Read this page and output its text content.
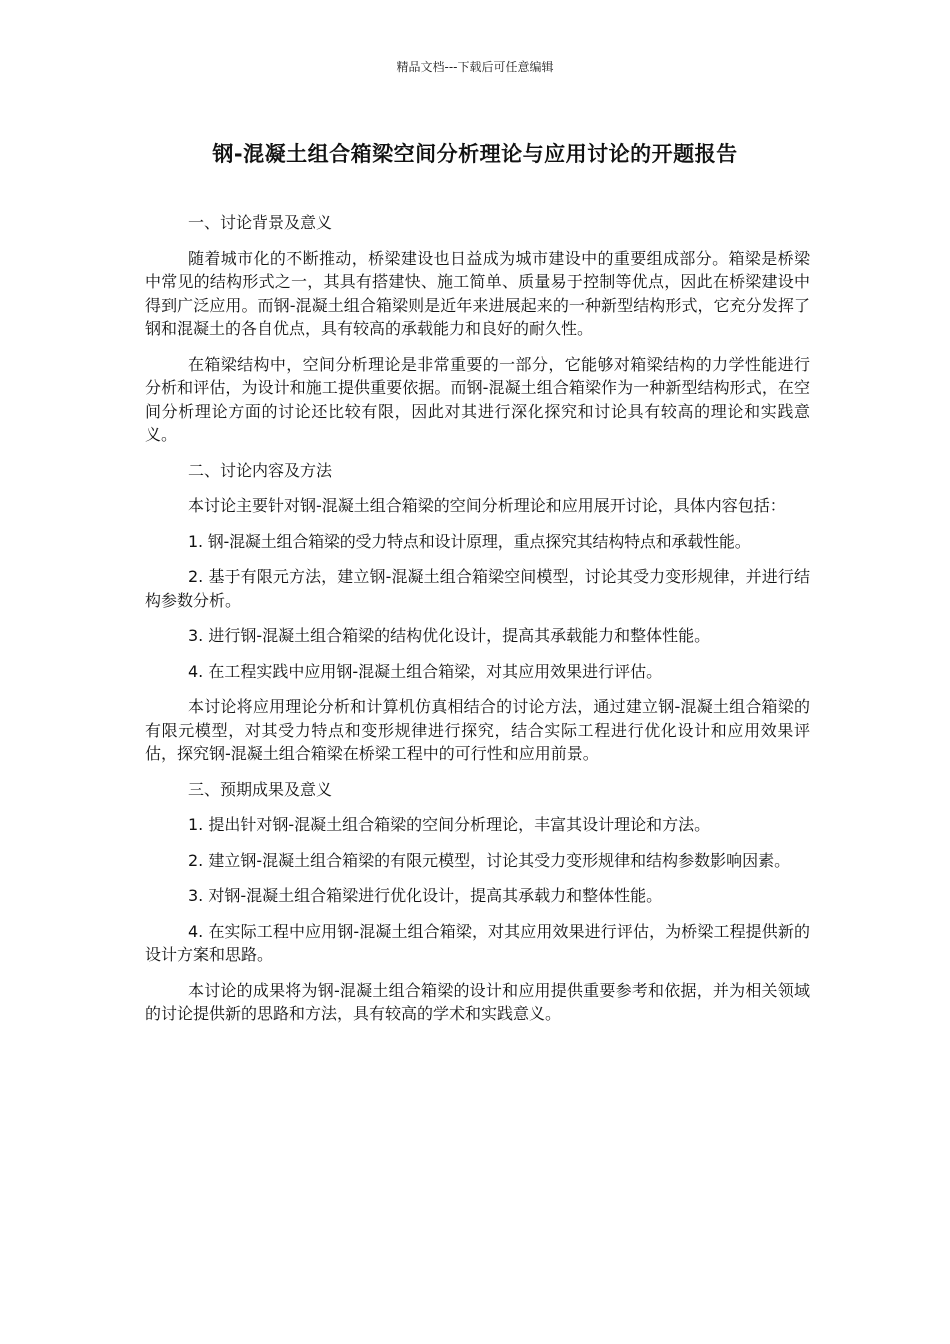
精品文档---下载后可任意编辑
钢-混凝土组合箱梁空间分析理论与应用讨论的开题报告

一、讨论背景及意义

随着城市化的不断推动，桥梁建设也日益成为城市建设中的重要组成部分。箱梁是桥梁中常见的结构形式之一，其具有搭建快、施工简单、质量易于控制等优点，因此在桥梁建设中得到广泛应用。而钢-混凝土组合箱梁则是近年来进展起来的一种新型结构形式，它充分发挥了钢和混凝土的各自优点，具有较高的承载能力和良好的耐久性。

在箱梁结构中，空间分析理论是非常重要的一部分，它能够对箱梁结构的力学性能进行分析和评估，为设计和施工提供重要依据。而钢-混凝土组合箱梁作为一种新型结构形式，在空间分析理论方面的讨论还比较有限，因此对其进行深化探究和讨论具有较高的理论和实践意义。

二、讨论内容及方法

本讨论主要针对钢-混凝土组合箱梁的空间分析理论和应用展开讨论，具体内容包括：

1. 钢-混凝土组合箱梁的受力特点和设计原理，重点探究其结构特点和承载性能。

2. 基于有限元方法，建立钢-混凝土组合箱梁空间模型，讨论其受力变形规律，并进行结构参数分析。

3. 进行钢-混凝土组合箱梁的结构优化设计，提高其承载能力和整体性能。

4. 在工程实践中应用钢-混凝土组合箱梁，对其应用效果进行评估。

本讨论将应用理论分析和计算机仿真相结合的讨论方法，通过建立钢-混凝土组合箱梁的有限元模型，对其受力特点和变形规律进行探究，结合实际工程进行优化设计和应用效果评估，探究钢-混凝土组合箱梁在桥梁工程中的可行性和应用前景。

三、预期成果及意义

1. 提出针对钢-混凝土组合箱梁的空间分析理论，丰富其设计理论和方法。

2. 建立钢-混凝土组合箱梁的有限元模型，讨论其受力变形规律和结构参数影响因素。

3. 对钢-混凝土组合箱梁进行优化设计，提高其承载力和整体性能。

4. 在实际工程中应用钢-混凝土组合箱梁，对其应用效果进行评估，为桥梁工程提供新的设计方案和思路。

本讨论的成果将为钢-混凝土组合箱梁的设计和应用提供重要参考和依据，并为相关领域的讨论提供新的思路和方法，具有较高的学术和实践意义。
